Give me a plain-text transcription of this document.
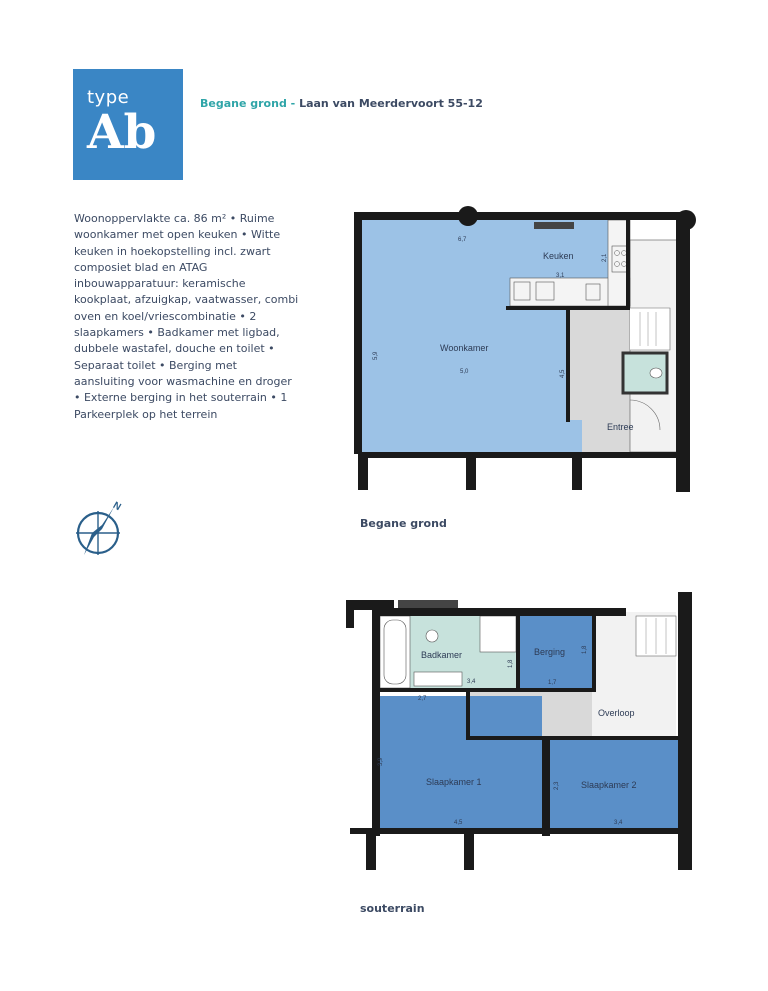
type
Ab
Begane grond - Laan van Meerdervoort 55-12
Woonoppervlakte ca. 86 m² • Ruime woonkamer met open keuken • Witte keuken in hoekopstelling incl. zwart composiet blad en ATAG inbouwapparatuur: keramische kookplaat, afzuigkap, vaatwasser, combi oven en koel/vriescombinatie • 2 slaapkamers • Badkamer met ligbad, dubbele wastafel, douche en toilet • Separaat toilet • Berging met aansluiting voor wasmachine en droger • Externe berging in het souterrain • 1 Parkeerplek op het terrein
N
Woonkamer
Keuken
Entree
6,7
3,1
2,1
5,9
5,0	4,5
Begane grond
Badkamer	Berging
Overloop
Slaapkamer 1	Slaapkamer 2
2,7
3,4
1,8
1,7
1,8
3,9
4,5
2,3
3,4
souterrain
